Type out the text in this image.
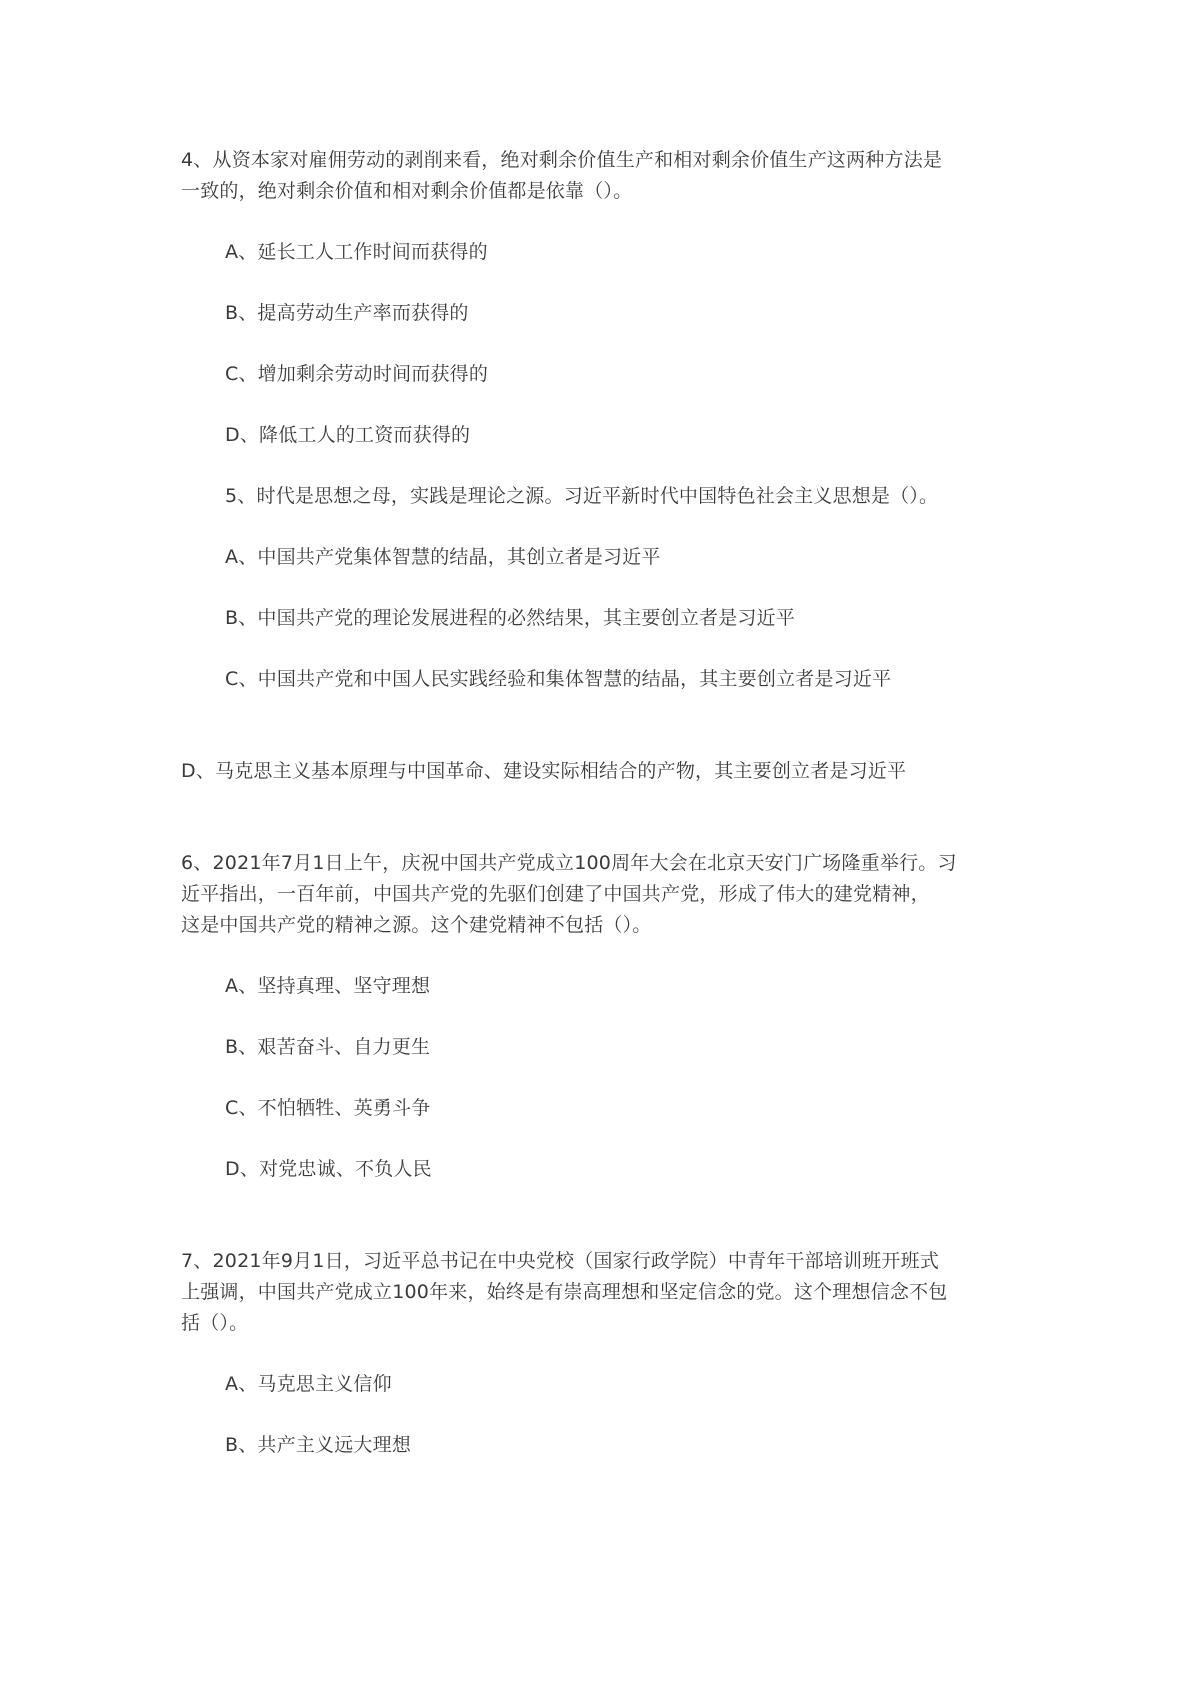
4、从资本家对雇佣劳动的剥削来看，绝对剩余价值生产和相对剩余价值生产这两种方法是
一致的，绝对剩余价值和相对剩余价值都是依靠（）。
A、延长工人工作时间而获得的
B、提高劳动生产率而获得的
C、增加剩余劳动时间而获得的
D、降低工人的工资而获得的
5、时代是思想之母，实践是理论之源。习近平新时代中国特色社会主义思想是（）。
A、中国共产党集体智慧的结晶，其创立者是习近平
B、中国共产党的理论发展进程的必然结果，其主要创立者是习近平
C、中国共产党和中国人民实践经验和集体智慧的结晶，其主要创立者是习近平
D、马克思主义基本原理与中国革命、建设实际相结合的产物，其主要创立者是习近平
6、2021年7月1日上午，庆祝中国共产党成立100周年大会在北京天安门广场隆重举行。习
近平指出，一百年前，中国共产党的先驱们创建了中国共产党，形成了伟大的建党精神，
这是中国共产党的精神之源。这个建党精神不包括（）。
A、坚持真理、坚守理想
B、艰苦奋斗、自力更生
C、不怕牺牲、英勇斗争
D、对党忠诚、不负人民
7、2021年9月1日，习近平总书记在中央党校（国家行政学院）中青年干部培训班开班式
上强调，中国共产党成立100年来，始终是有崇高理想和坚定信念的党。这个理想信念不包
括（）。
A、马克思主义信仰
B、共产主义远大理想
